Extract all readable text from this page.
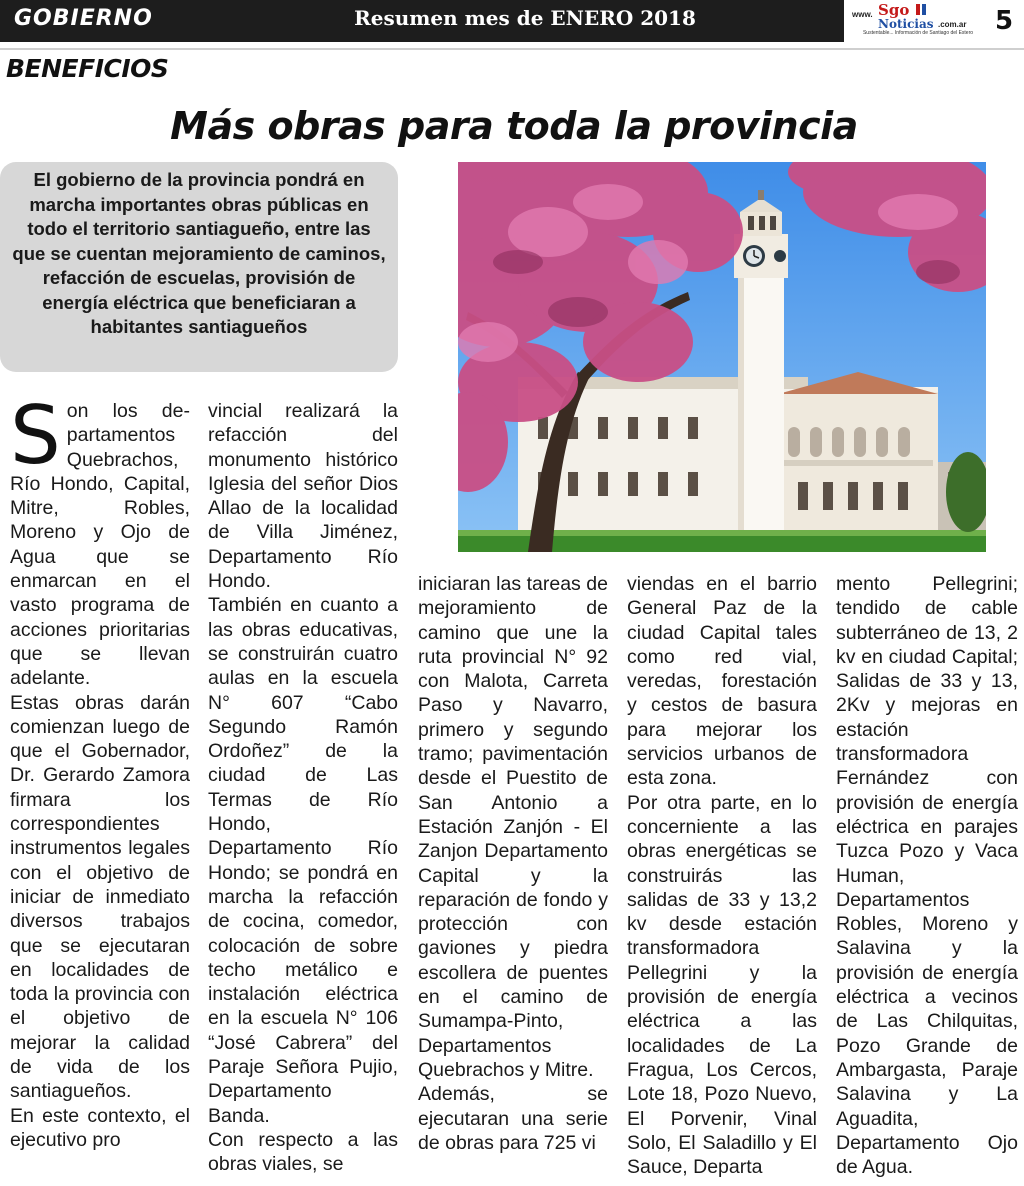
GOBIERNO	Resumen mes de ENERO 2018	www. Sgo
Noticias .com.ar
Sustentable... Información de Santiago del Estero 5
BENEFICIOS
Más obras para toda la provincia
El gobierno de la provincia pondrá en marcha importantes obras públicas en todo el territorio santiagueño, entre las que se cuentan mejoramiento de caminos, refacción de escuelas, provisión de energía eléctrica que beneficiaran a habitantes santiagueños

Son los departamentos Quebrachos, Río Hondo, Capital, Mitre, Robles, Moreno y Ojo de Agua que se enmarcan en el vasto programa de acciones prioritarias que se llevan adelante.

Estas obras darán comienzan luego de que el Gobernador, Dr. Gerardo Zamora firmara los correspondientes instrumentos legales con el objetivo de iniciar de inmediato diversos trabajos que se ejecutaran en localidades de toda la provincia con el objetivo de mejorar la calidad de vida de los santiagueños.

En este contexto, el ejecutivo pro

vincial realizará la refacción del monumento histórico Iglesia del señor Dios Allao de la localidad de Villa Jiménez, Departamento Río Hondo.

También en cuanto a las obras educativas, se construirán cuatro aulas en la escuela N° 607 “Cabo Segundo Ramón Ordoñez” de la ciudad de Las Termas de Río Hondo, Departamento Río Hondo; se pondrá en marcha la refacción de cocina, comedor, colocación de sobre techo metálico e instalación eléctrica en la escuela N° 106 “José Cabrera” del Paraje Señora Pujio, Departamento Banda.

Con respecto a las obras viales, se

iniciaran las tareas de mejoramiento de camino que une la ruta provincial N° 92 con Malota, Carreta Paso y Navarro, primero y segundo tramo; pavimentación desde el Puestito de San Antonio a Estación Zanjón - El Zanjon Departamento Capital y la reparación de fondo y protección con gaviones y piedra escollera de puentes en el camino de Sumampa-Pinto, Departamentos Quebrachos y Mitre.

Además, se ejecutaran una serie de obras para 725 vi

viendas en el barrio General Paz de la ciudad Capital tales como red vial, veredas, forestación y cestos de basura para mejorar los servicios urbanos de esta zona.

Por otra parte, en lo concerniente a las obras energéticas se construirás las salidas de 33 y 13,2 kv desde estación transformadora Pellegrini y la provisión de energía eléctrica a las localidades de La Fragua, Los Cercos, Lote 18, Pozo Nuevo, El Porvenir, Vinal Solo, El Saladillo y El Sauce, Departa

mento Pellegrini; tendido de cable subterráneo de 13, 2 kv en ciudad Capital; Salidas de 33 y 13, 2Kv y mejoras en estación transformadora Fernández con provisión de energía eléctrica en parajes Tuzca Pozo y Vaca Human, Departamentos Robles, Moreno y Salavina y la provisión de energía eléctrica a vecinos de Las Chilquitas, Pozo Grande de Ambargasta, Paraje Salavina y La Aguadita, Departamento Ojo de Agua.
